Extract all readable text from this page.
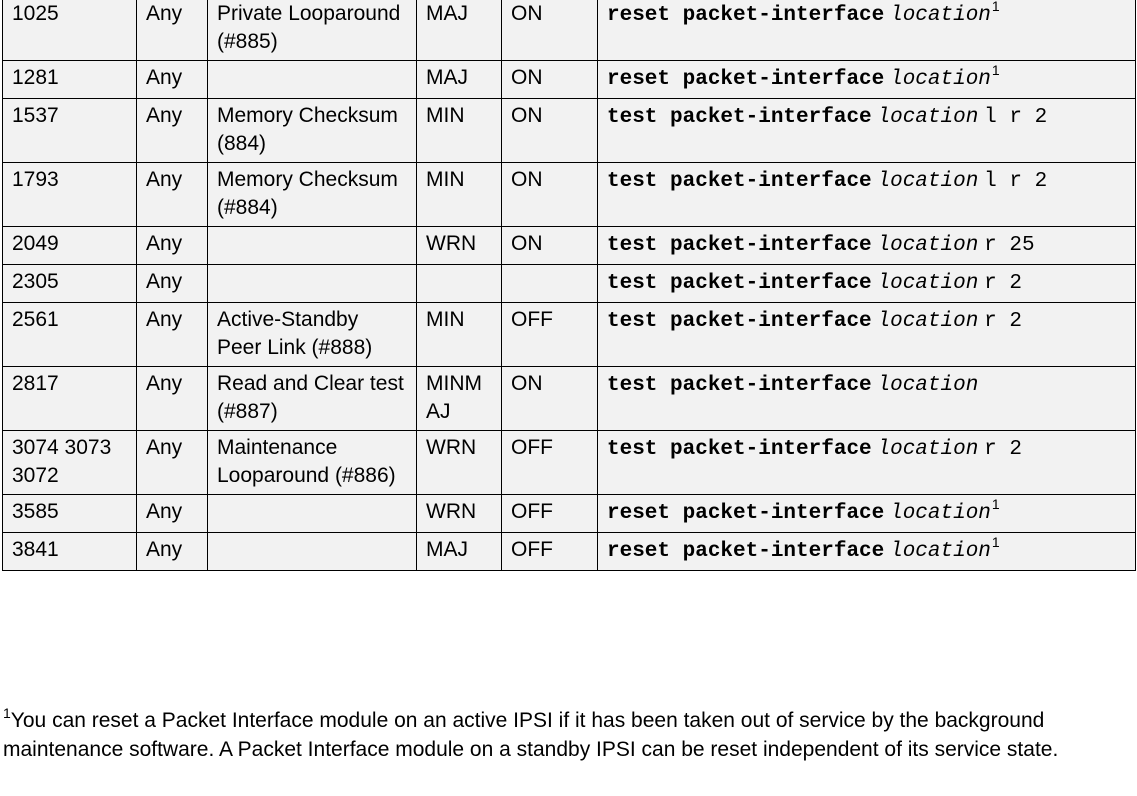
1025	Any	Private Looparound (#885)	MAJ	ON	reset packet-interface location$^1$
1281	Any		MAJ	ON	reset packet-interface location$^1$
1537	Any	Memory Checksum (884)	MIN	ON	test packet-interface location l r 2
1793	Any	Memory Checksum (#884)	MIN	ON	test packet-interface location l r 2
2049	Any		WRN	ON	test packet-interface location r 25
2305	Any				test packet-interface location r 2
2561	Any	Active-Standby Peer Link (#888)	MIN	OFF	test packet-interface location r 2
2817	Any	Read and Clear test (#887)	MINM AJ	ON	test packet-interface location
3074 3073 3072	Any	Maintenance Looparound (#886)	WRN	OFF	test packet-interface location r 2
3585	Any		WRN	OFF	reset packet-interface location$^1$
3841	Any		MAJ	OFF	reset packet-interface location$^1$
$^1$You can reset a Packet Interface module on an active IPSI if it has been taken out of service by the background maintenance software. A Packet Interface module on a standby IPSI can be reset independent of its service state.
